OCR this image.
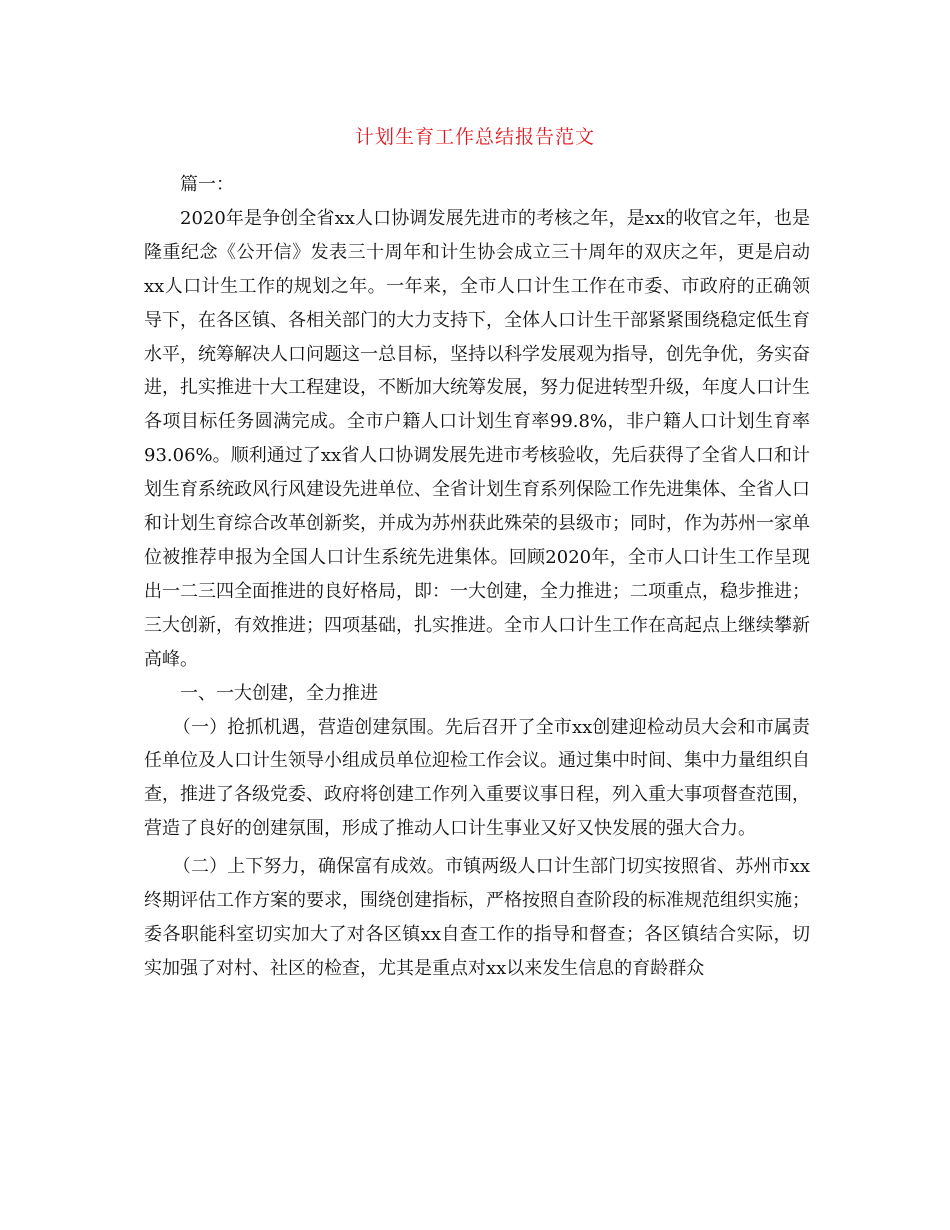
计划生育工作总结报告范文

篇一：

2020年是争创全省xx人口协调发展先进市的考核之年，是xx的收官之年，也是隆重纪念《公开信》发表三十周年和计生协会成立三十周年的双庆之年，更是启动xx人口计生工作的规划之年。一年来，全市人口计生工作在市委、市政府的正确领导下，在各区镇、各相关部门的大力支持下，全体人口计生干部紧紧围绕稳定低生育水平，统筹解决人口问题这一总目标，坚持以科学发展观为指导，创先争优，务实奋进，扎实推进十大工程建设，不断加大统筹发展，努力促进转型升级，年度人口计生各项目标任务圆满完成。全市户籍人口计划生育率99.8%，非户籍人口计划生育率93.06%。顺利通过了xx省人口协调发展先进市考核验收，先后获得了全省人口和计划生育系统政风行风建设先进单位、全省计划生育系列保险工作先进集体、全省人口和计划生育综合改革创新奖，并成为苏州获此殊荣的县级市；同时，作为苏州一家单位被推荐申报为全国人口计生系统先进集体。回顾2020年，全市人口计生工作呈现出一二三四全面推进的良好格局，即：一大创建，全力推进；二项重点，稳步推进；三大创新，有效推进；四项基础，扎实推进。全市人口计生工作在高起点上继续攀新高峰。

一、一大创建，全力推进

（一）抢抓机遇，营造创建氛围。先后召开了全市xx创建迎检动员大会和市属责任单位及人口计生领导小组成员单位迎检工作会议。通过集中时间、集中力量组织自查，推进了各级党委、政府将创建工作列入重要议事日程，列入重大事项督查范围，营造了良好的创建氛围，形成了推动人口计生事业又好又快发展的强大合力。

（二）上下努力，确保富有成效。市镇两级人口计生部门切实按照省、苏州市xx终期评估工作方案的要求，围绕创建指标，严格按照自查阶段的标准规范组织实施；委各职能科室切实加大了对各区镇xx自查工作的指导和督查；各区镇结合实际，切实加强了对村、社区的检查，尤其是重点对xx以来发生信息的育龄群众
